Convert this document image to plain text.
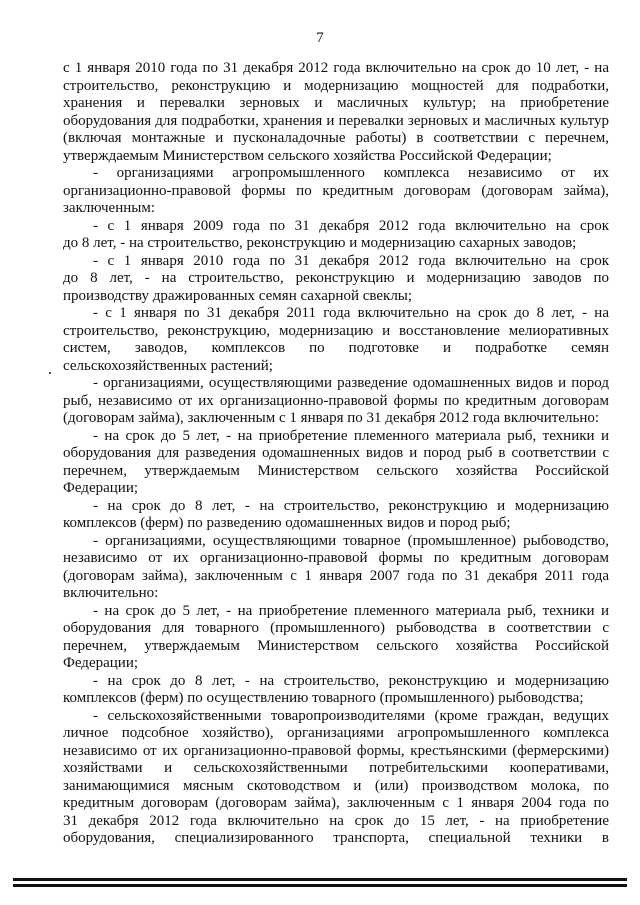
7
с 1 января 2010 года по 31 декабря 2012 года включительно на срок до 10 лет, - на
строительство, реконструкцию и модернизацию мощностей для подработки,
хранения и перевалки зерновых и масличных культур; на приобретение
оборудования для подработки, хранения и перевалки зерновых и масличных культур
(включая монтажные и пусконаладочные работы) в соответствии с перечнем,
утверждаемым Министерством сельского хозяйства Российской Федерации;
- организациями агропромышленного комплекса независимо от их
организационно-правовой формы по кредитным договорам (договорам займа),
заключенным:
- с 1 января 2009 года по 31 декабря 2012 года включительно на срок
до 8 лет, - на строительство, реконструкцию и модернизацию сахарных заводов;
- с 1 января 2010 года по 31 декабря 2012 года включительно на срок
до 8 лет, - на строительство, реконструкцию и модернизацию заводов по
производству дражированных семян сахарной свеклы;
- с 1 января по 31 декабря 2011 года включительно на срок до 8 лет, - на
строительство, реконструкцию, модернизацию и восстановление мелиоративных
систем, заводов, комплексов по подготовке и подработке семян
сельскохозяйственных растений;
- организациями, осуществляющими разведение одомашненных видов и пород
рыб, независимо от их организационно-правовой формы по кредитным договорам
(договорам займа), заключенным с 1 января по 31 декабря 2012 года включительно:
- на срок до 5 лет, - на приобретение племенного материала рыб, техники и
оборудования для разведения одомашненных видов и пород рыб в соответствии с
перечнем, утверждаемым Министерством сельского хозяйства Российской
Федерации;
- на срок до 8 лет, - на строительство, реконструкцию и модернизацию
комплексов (ферм) по разведению одомашненных видов и пород рыб;
- организациями, осуществляющими товарное (промышленное) рыбоводство,
независимо от их организационно-правовой формы по кредитным договорам
(договорам займа), заключенным с 1 января 2007 года по 31 декабря 2011 года
включительно:
- на срок до 5 лет, - на приобретение племенного материала рыб, техники и
оборудования для товарного (промышленного) рыбоводства в соответствии с
перечнем, утверждаемым Министерством сельского хозяйства Российской
Федерации;
- на срок до 8 лет, - на строительство, реконструкцию и модернизацию
комплексов (ферм) по осуществлению товарного (промышленного) рыбоводства;
- сельскохозяйственными товаропроизводителями (кроме граждан, ведущих
личное подсобное хозяйство), организациями агропромышленного комплекса
независимо от их организационно-правовой формы, крестьянскими (фермерскими)
хозяйствами и сельскохозяйственными потребительскими кооперативами,
занимающимися мясным скотоводством и (или) производством молока, по
кредитным договорам (договорам займа), заключенным с 1 января 2004 года по
31 декабря 2012 года включительно на срок до 15 лет, - на приобретение
оборудования, специализированного транспорта, специальной техники в
